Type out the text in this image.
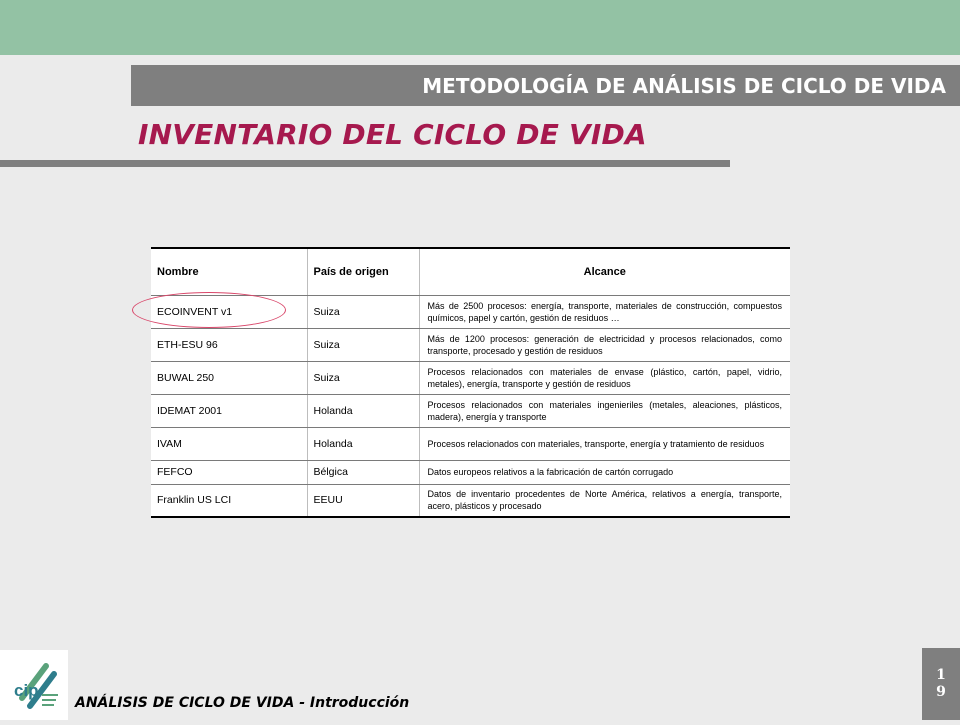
METODOLOGÍA DE ANÁLISIS DE CICLO DE VIDA
INVENTARIO DEL CICLO DE VIDA
Nombre	País de origen	Alcance
ECOINVENT v1	Suiza	Más de 2500 procesos: energía, transporte, materiales de construcción, compuestos químicos, papel y cartón, gestión de residuos …
ETH-ESU 96	Suiza	Más de 1200 procesos: generación de electricidad y procesos relacionados, como transporte, procesado y gestión de residuos
BUWAL 250	Suiza	Procesos relacionados con materiales de envase (plástico, cartón, papel, vidrio, metales), energía, transporte y gestión de residuos
IDEMAT 2001	Holanda	Procesos relacionados con materiales ingenieriles (metales, aleaciones, plásticos, madera), energía y transporte
IVAM	Holanda	Procesos relacionados con materiales, transporte, energía y tratamiento de residuos
FEFCO	Bélgica	Datos europeos relativos a la fabricación de cartón corrugado
Franklin US LCI	EEUU	Datos de inventario procedentes de Norte América, relativos a energía, transporte, acero, plásticos y procesado
cip
ANÁLISIS DE CICLO DE VIDA - Introducción
1
9
